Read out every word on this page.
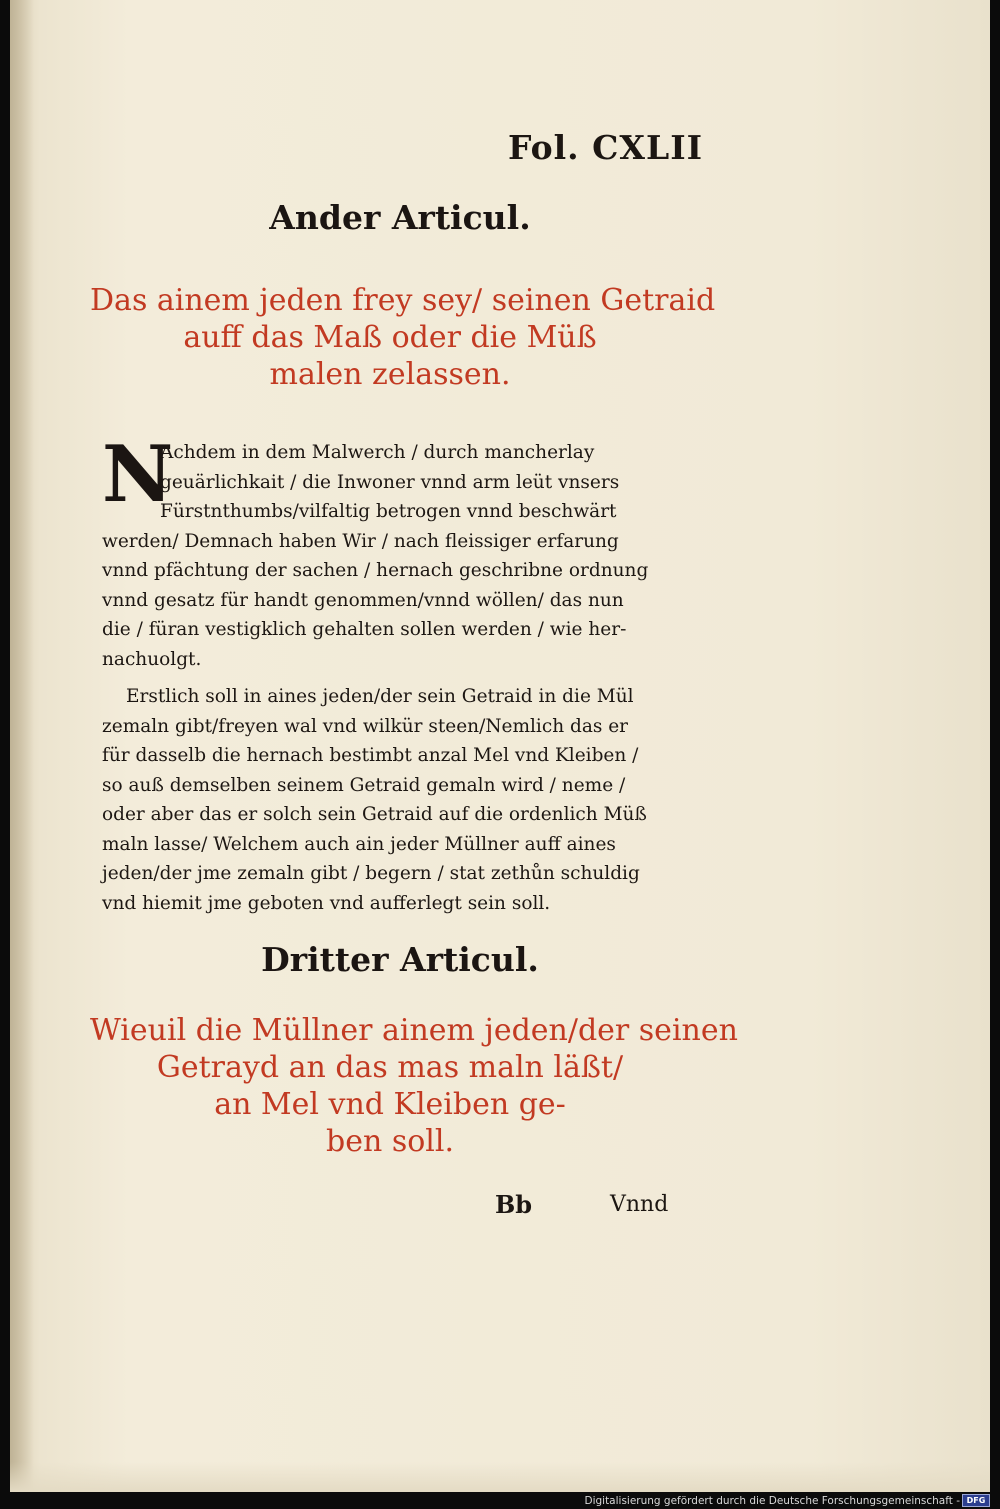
Fol. CXLII
Ander Articul.
Das ainem jeden frey sey/ seinen Getraid
auff das Maß oder die Müß
malen zelassen.
N
Achdem in dem Malwerch / durch mancherlay
geuärlichkait / die Inwoner vnnd arm leüt vnsers
Fürstnthumbs/vilfaltig betrogen vnnd beschwärt
werden/ Demnach haben Wir / nach fleissiger erfarung
vnnd pfächtung der sachen / hernach geschribne ordnung
vnnd gesatz für handt genommen/vnnd wöllen/ das nun
die / füran vestigklich gehalten sollen werden / wie her-
nachuolgt.
Erstlich soll in aines jeden/der sein Getraid in die Mül
zemaln gibt/freyen wal vnd wilkür steen/Nemlich das er
für dasselb die hernach bestimbt anzal Mel vnd Kleiben /
so auß demselben seinem Getraid gemaln wird / neme /
oder aber das er solch sein Getraid auf die ordenlich Müß
maln lasse/ Welchem auch ain jeder Müllner auff aines
jeden/der jme zemaln gibt / begern / stat zethůn schuldig
vnd hiemit jme geboten vnd aufferlegt sein soll.
Dritter Articul.
Wieuil die Müllner ainem jeden/der seinen
Getrayd an das mas maln läßt/
an Mel vnd Kleiben ge-
ben soll.
Bb	Vnnd
Digitalisierung gefördert durch die Deutsche Forschungsgemeinschaft - DFG
